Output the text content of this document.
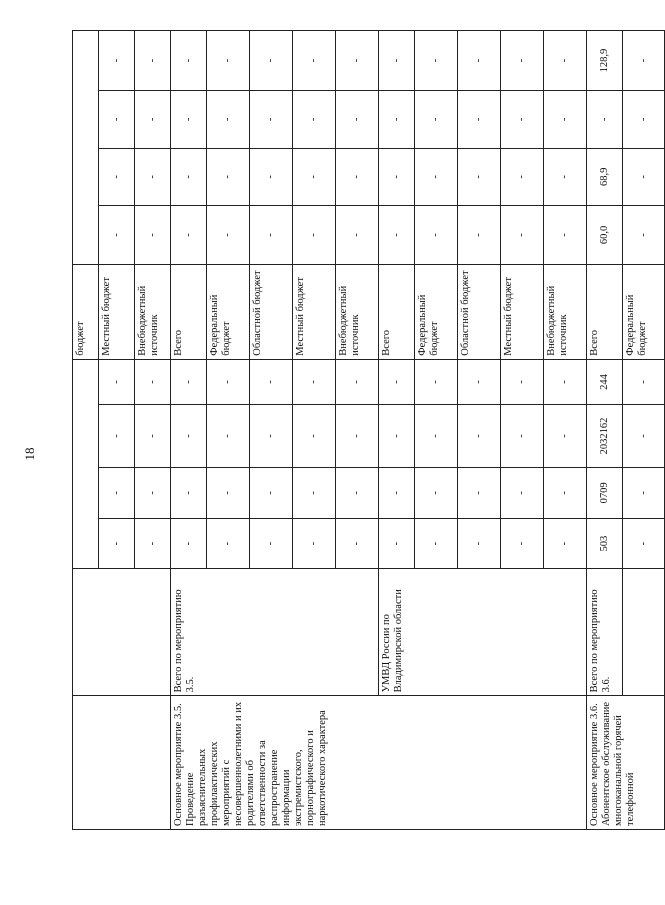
18
						бюджет				
		-	-	-	-	Местный бюджет	-	-	-	-
		-	-	-	-	Внебюджетный источник	-	-	-	-
Основное мероприятие 3.5. Проведение разъяснительных профилактических мероприятий с несовершеннолетними и их родителями об ответственности за распространение информации экстремистского, порнографического и наркотического характера	Всего по мероприятию 3.5.	-	-	-	-	Всего	-	-	-	-
		-	-	-	-	Федеральный бюджет	-	-	-	-
		-	-	-	-	Областной бюджет	-	-	-	-
		-	-	-	-	Местный бюджет	-	-	-	-
		-	-	-	-	Внебюджетный источник	-	-	-	-
	УМВД России по Владимирской области	-	-	-	-	Всего	-	-	-	-
		-	-	-	-	Федеральный бюджет	-	-	-	-
		-	-	-	-	Областной бюджет	-	-	-	-
		-	-	-	-	Местный бюджет	-	-	-	-
		-	-	-	-	Внебюджетный источник	-	-	-	-
Основное мероприятие 3.6. Абонентское обслуживание многоканальной горячей телефонной	Всего по мероприятию 3.6.	503	0709	2032162	244	Всего	60,0	68,9	-	128,9
		-	-	-	-	Федеральный бюджет	-	-	-	-
